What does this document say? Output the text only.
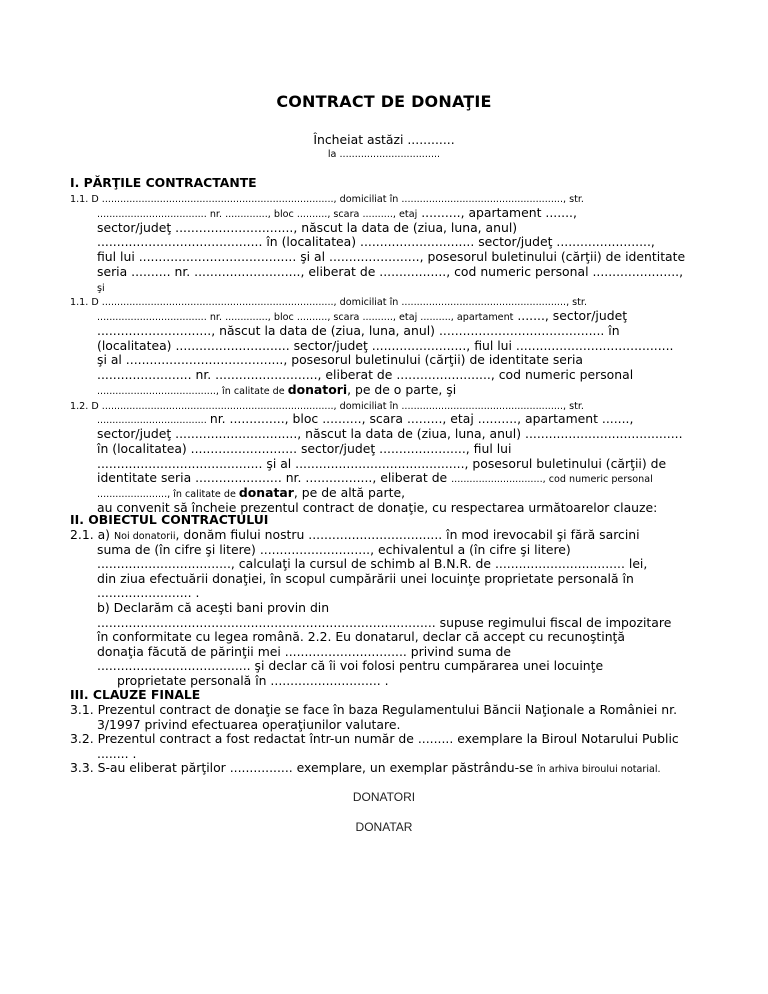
CONTRACT DE DONAŢIE
Încheiat astăzi ............
la .................................
I. PĂRŢILE CONTRACTANTE
1.1. D ............................................................................, domiciliat în ....................................................., str.
.................................... nr. .............., bloc .........., scara .........., etaj .........., apartament .......,
sector/judeţ .............................., născut la data de (ziua, luna, anul)
.......................................... în (localitatea) ............................. sector/judeţ ........................,
fiul lui ........................................ şi al ......................., posesorul buletinului (cărţii) de identitate
seria .......... nr. ..........................., eliberat de ................., cod numeric personal ......................,
şi
1.1. D ............................................................................, domiciliat în ......................................................, str.
.................................... nr. .............., bloc .........., scara .........., etaj .........., apartament ......., sector/judeţ
............................., născut la data de (ziua, luna, anul) .......................................... în
(localitatea) ............................. sector/judeţ ........................, fiul lui ........................................
şi al ........................................, posesorul buletinului (cărţii) de identitate seria
........................ nr. .........................., eliberat de ........................, cod numeric personal
......................................., în calitate de donatori, pe de o parte, şi
1.2. D ............................................................................, domiciliat în ....................................................., str.
.................................... nr. .............., bloc .........., scara ........., etaj .........., apartament .......,
sector/judeţ ..............................., născut la data de (ziua, luna, anul) ........................................
în (localitatea) ........................... sector/judeţ ......................, fiul lui
.......................................... şi al ..........................................., posesorul buletinului (cărţii) de
identitate seria ...................... nr. ................., eliberat de .............................., cod numeric personal
......................., în calitate de donatar, pe de altă parte,
au convenit să încheie prezentul contract de donaţie, cu respectarea următoarelor clauze:
II. OBIECTUL CONTRACTULUI
2.1. a) Noi donatorii, donăm fiului nostru .................................. în mod irevocabil şi fără sarcini
suma de (în cifre şi litere) ............................, echivalentul a (în cifre şi litere)
.................................., calculaţi la cursul de schimb al B.N.R. de ................................. lei,
din ziua efectuării donaţiei, în scopul cumpărării unei locuinţe proprietate personală în
........................ .
b) Declarăm că aceşti bani provin din
...................................................................................... supuse regimului fiscal de impozitare
în conformitate cu legea română. 2.2. Eu donatarul, declar că accept cu recunoştinţă
donaţia făcută de părinţii mei ............................... privind suma de
....................................... şi declar că îi voi folosi pentru cumpărarea unei locuinţe
proprietate personală în ............................ .
III. CLAUZE FINALE
3.1. Prezentul contract de donaţie se face în baza Regulamentului Băncii Naţionale a României nr.
3/1997 privind efectuarea operaţiunilor valutare.
3.2. Prezentul contract a fost redactat într-un număr de ......... exemplare la Biroul Notarului Public
........ .
3.3. S-au eliberat părţilor ................ exemplare, un exemplar păstrându-se în arhiva biroului notarial.
DONATORI
DONATAR
